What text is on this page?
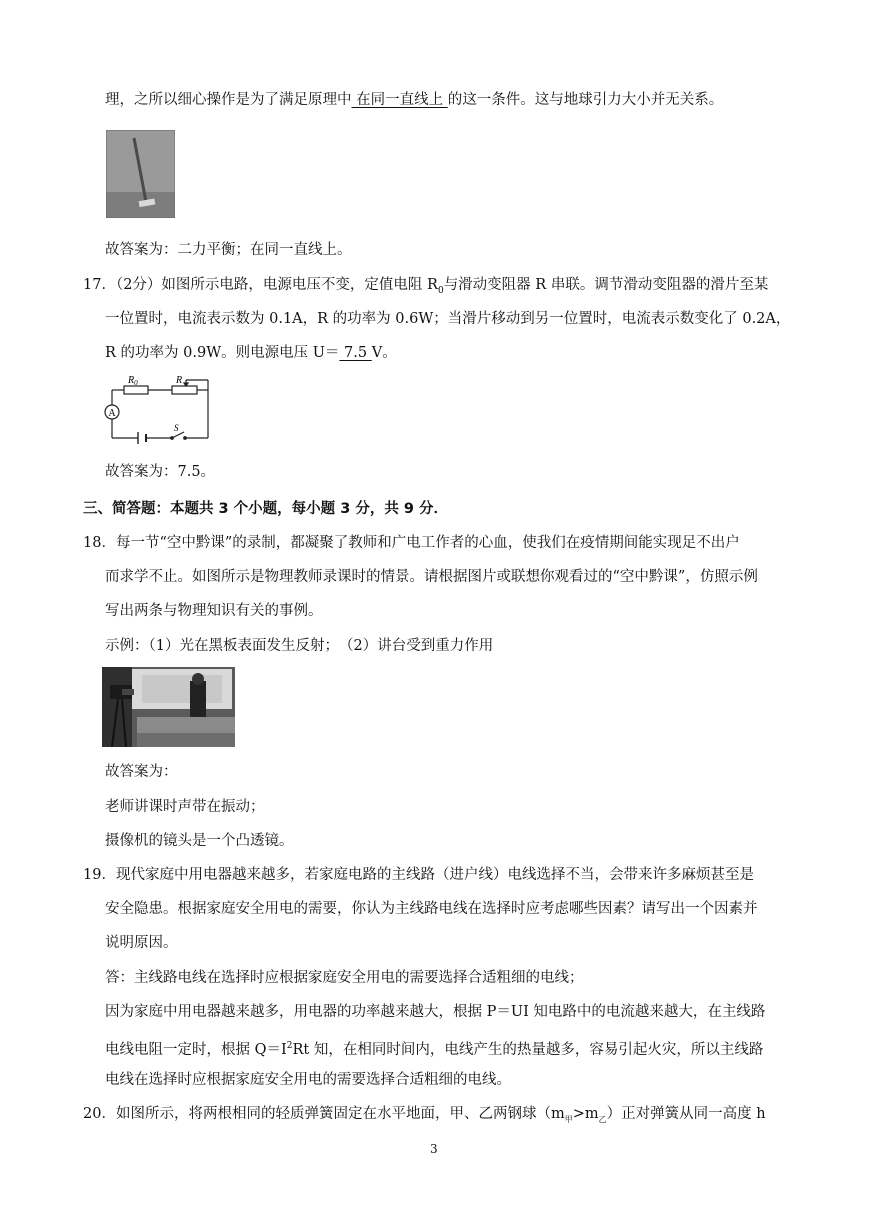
理，之所以细心操作是为了满足原理中 在同一直线上 的这一条件。这与地球引力大小并无关系。
故答案为：二力平衡；在同一直线上。
17．（2分）如图所示电路，电源电压不变，定值电阻 $R_0$与滑动变阻器 R 串联。调节滑动变阻器的滑片至某
一位置时，电流表示数为 0.1A，R 的功率为 0.6W；当滑片移动到另一位置时，电流表示数变化了 0.2A，
R 的功率为 0.9W。则电源电压 U＝ 7.5 V。
A
$R_0$	R
S
故答案为：7.5。
三、简答题：本题共 3 个小题，每小题 3 分，共 9 分．
18．每一节“空中黔课”的录制，都凝聚了教师和广电工作者的心血，使我们在疫情期间能实现足不出户
而求学不止。如图所示是物理教师录课时的情景。请根据图片或联想你观看过的“空中黔课”，仿照示例
写出两条与物理知识有关的事例。
示例：（1）光在黑板表面发生反射；　（2）讲台受到重力作用
故答案为：
老师讲课时声带在振动；
摄像机的镜头是一个凸透镜。
19．现代家庭中用电器越来越多，若家庭电路的主线路（进户线）电线选择不当，会带来许多麻烦甚至是
安全隐患。根据家庭安全用电的需要，你认为主线路电线在选择时应考虑哪些因素？请写出一个因素并
说明原因。
答：主线路电线在选择时应根据家庭安全用电的需要选择合适粗细的电线；
因为家庭中用电器越来越多，用电器的功率越来越大，根据 P＝UI 知电路中的电流越来越大，在主线路
电线电阻一定时，根据 $Q=I^2Rt$ 知，在相同时间内，电线产生的热量越多，容易引起火灾，所以主线路
电线在选择时应根据家庭安全用电的需要选择合适粗细的电线。
20．如图所示，将两根相同的轻质弹簧固定在水平地面，甲、乙两钢球$(m_甲>m_乙)$正对弹簧从同一高度 h
3
